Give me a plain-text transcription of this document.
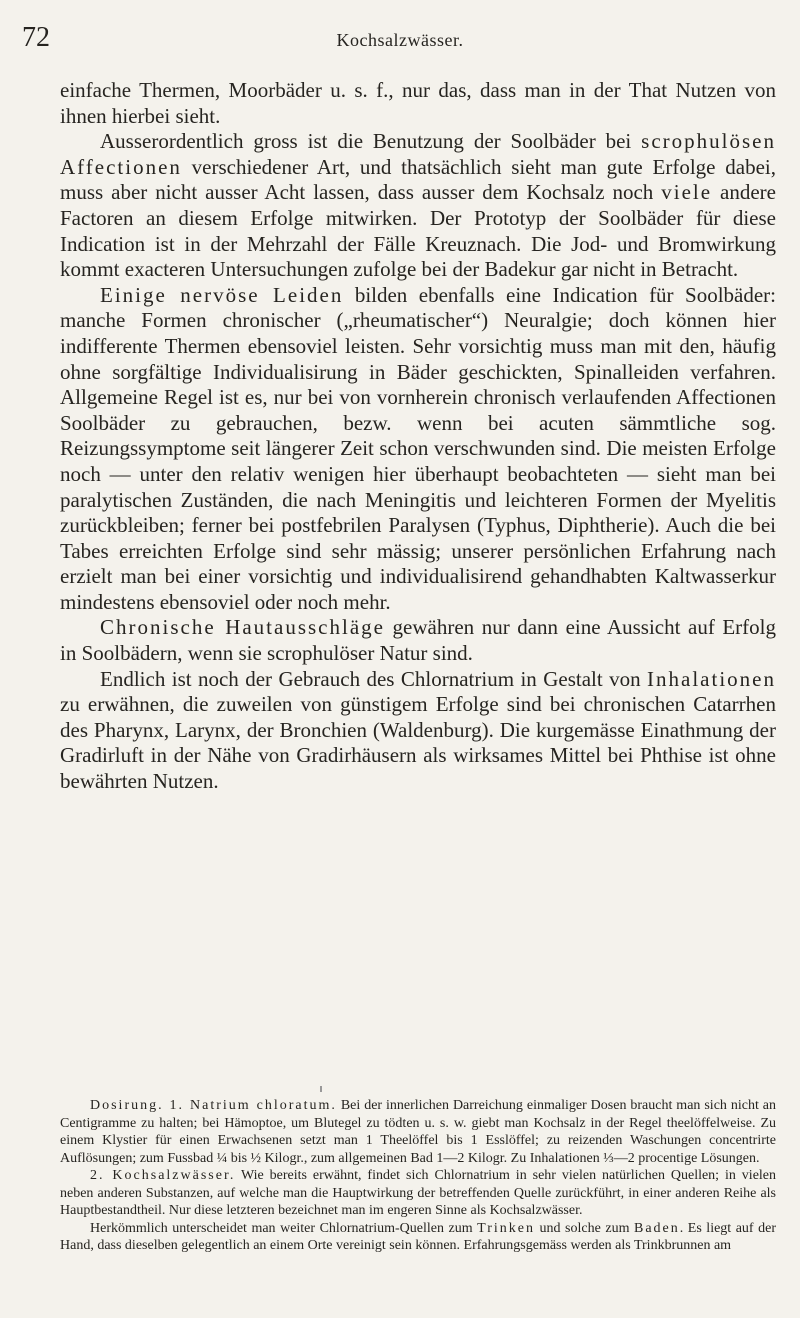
72	Kochsalzwässer.

einfache Thermen, Moorbäder u. s. f., nur das, dass man in der That Nutzen von ihnen hierbei sieht.

Ausserordentlich gross ist die Benutzung der Soolbäder bei scrophulösen Affectionen verschiedener Art, und thatsächlich sieht man gute Erfolge dabei, muss aber nicht ausser Acht lassen, dass ausser dem Kochsalz noch viele andere Factoren an diesem Erfolge mitwirken. Der Prototyp der Soolbäder für diese Indication ist in der Mehrzahl der Fälle Kreuznach. Die Jod- und Bromwirkung kommt exacteren Untersuchungen zufolge bei der Badekur gar nicht in Betracht.

Einige nervöse Leiden bilden ebenfalls eine Indication für Soolbäder: manche Formen chronischer („rheumatischer“) Neuralgie; doch können hier indifferente Thermen ebensoviel leisten. Sehr vorsichtig muss man mit den, häufig ohne sorgfältige Individualisirung in Bäder geschickten, Spinalleiden verfahren. Allgemeine Regel ist es, nur bei von vornherein chronisch verlaufenden Affectionen Soolbäder zu gebrauchen, bezw. wenn bei acuten sämmtliche sog. Reizungssymptome seit längerer Zeit schon verschwunden sind. Die meisten Erfolge noch — unter den relativ wenigen hier überhaupt beobachteten — sieht man bei paralytischen Zuständen, die nach Meningitis und leichteren Formen der Myelitis zurückbleiben; ferner bei postfebrilen Paralysen (Typhus, Diphtherie). Auch die bei Tabes erreichten Erfolge sind sehr mässig; unserer persönlichen Erfahrung nach erzielt man bei einer vorsichtig und individualisirend gehandhabten Kaltwasserkur mindestens ebensoviel oder noch mehr.

Chronische Hautausschläge gewähren nur dann eine Aussicht auf Erfolg in Soolbädern, wenn sie scrophulöser Natur sind.

Endlich ist noch der Gebrauch des Chlornatrium in Gestalt von Inhalationen zu erwähnen, die zuweilen von günstigem Erfolge sind bei chronischen Catarrhen des Pharynx, Larynx, der Bronchien (Waldenburg). Die kurgemässe Einathmung der Gradirluft in der Nähe von Gradirhäusern als wirksames Mittel bei Phthise ist ohne bewährten Nutzen.

Dosirung. 1. Natrium chloratum. Bei der innerlichen Darreichung einmaliger Dosen braucht man sich nicht an Centigramme zu halten; bei Hämoptoe, um Blutegel zu tödten u. s. w. giebt man Kochsalz in der Regel theelöffelweise. Zu einem Klystier für einen Erwachsenen setzt man 1 Theelöffel bis 1 Esslöffel; zu reizenden Waschungen concentrirte Auflösungen; zum Fussbad ¼ bis ½ Kilogr., zum allgemeinen Bad 1—2 Kilogr. Zu Inhalationen ⅓—2 procentige Lösungen.

2. Kochsalzwässer. Wie bereits erwähnt, findet sich Chlornatrium in sehr vielen natürlichen Quellen; in vielen neben anderen Substanzen, auf welche man die Hauptwirkung der betreffenden Quelle zurückführt, in einer anderen Reihe als Hauptbestandtheil. Nur diese letzteren bezeichnet man im engeren Sinne als Kochsalzwässer.

Herkömmlich unterscheidet man weiter Chlornatrium-Quellen zum Trinken und solche zum Baden. Es liegt auf der Hand, dass dieselben gelegentlich an einem Orte vereinigt sein können. Erfahrungsgemäss werden als Trinkbrunnen am
